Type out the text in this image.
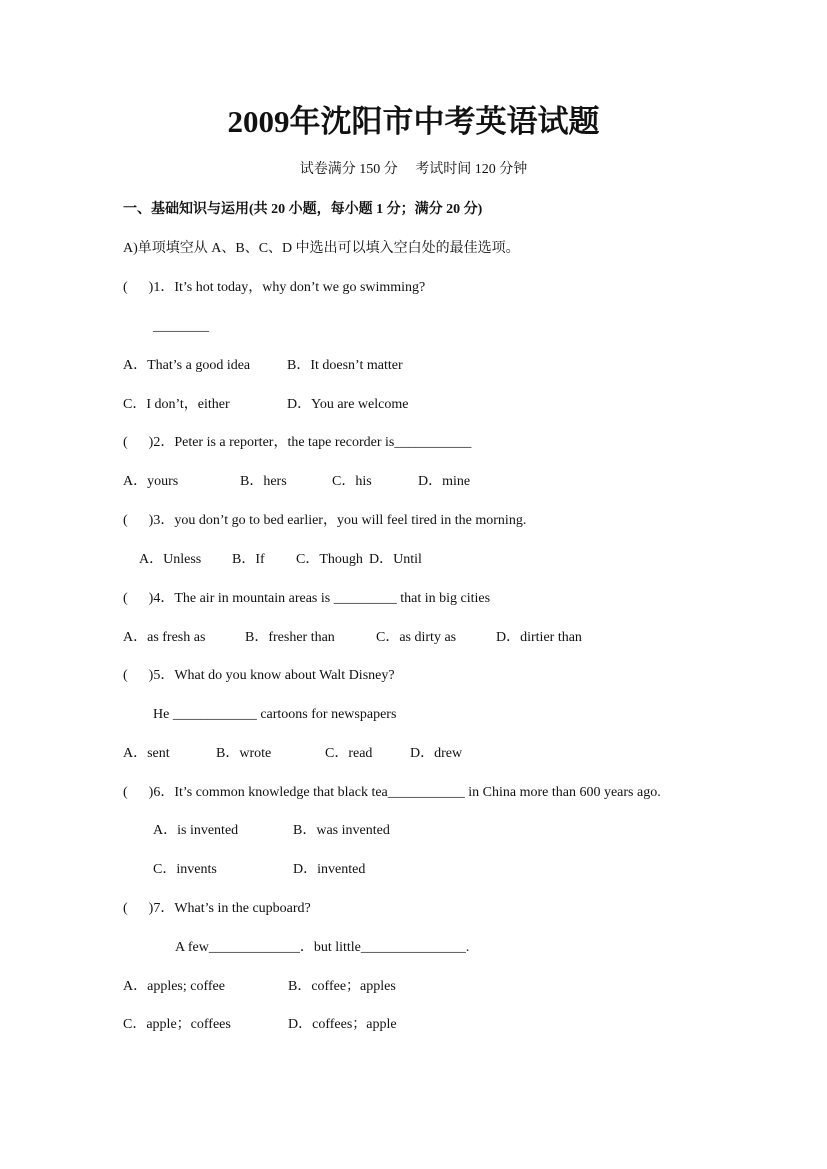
2009年沈阳市中考英语试题
试卷满分 150 分     考试时间 120 分钟
一、基础知识与运用(共 20 小题，每小题 1 分；满分 20 分)
A)单项填空从 A、B、C、D 中选出可以填入空白处的最佳选项。
(      )1．It’s hot today，why don’t we go swimming?
________
A．That’s a good idea	B．It doesn’t matter
C．I don’t，either	D．You are welcome
(      )2．Peter is a reporter，the tape recorder is___________
A．yours	B．hers	C．his	D．mine
(      )3．you don’t go to bed earlier，you will feel tired in the morning.
A．Unless B．If C．Though D．Until
(      )4．The air in mountain areas is _________ that in big cities
A．as fresh as	B．fresher than	C．as dirty as	D．dirtier than
(      )5．What do you know about Walt Disney?
He ____________ cartoons for newspapers
A．sent	B．wrote	C．read	D．drew
(      )6．It’s common knowledge that black tea___________ in China more than 600 years ago.
A．is invented	B．was invented
C．invents	D．invented
(      )7．What’s in the cupboard?
A few_____________．but little_______________.
A．apples; coffee	B．coffee；apples
C．apple；coffees	D．coffees；apple
